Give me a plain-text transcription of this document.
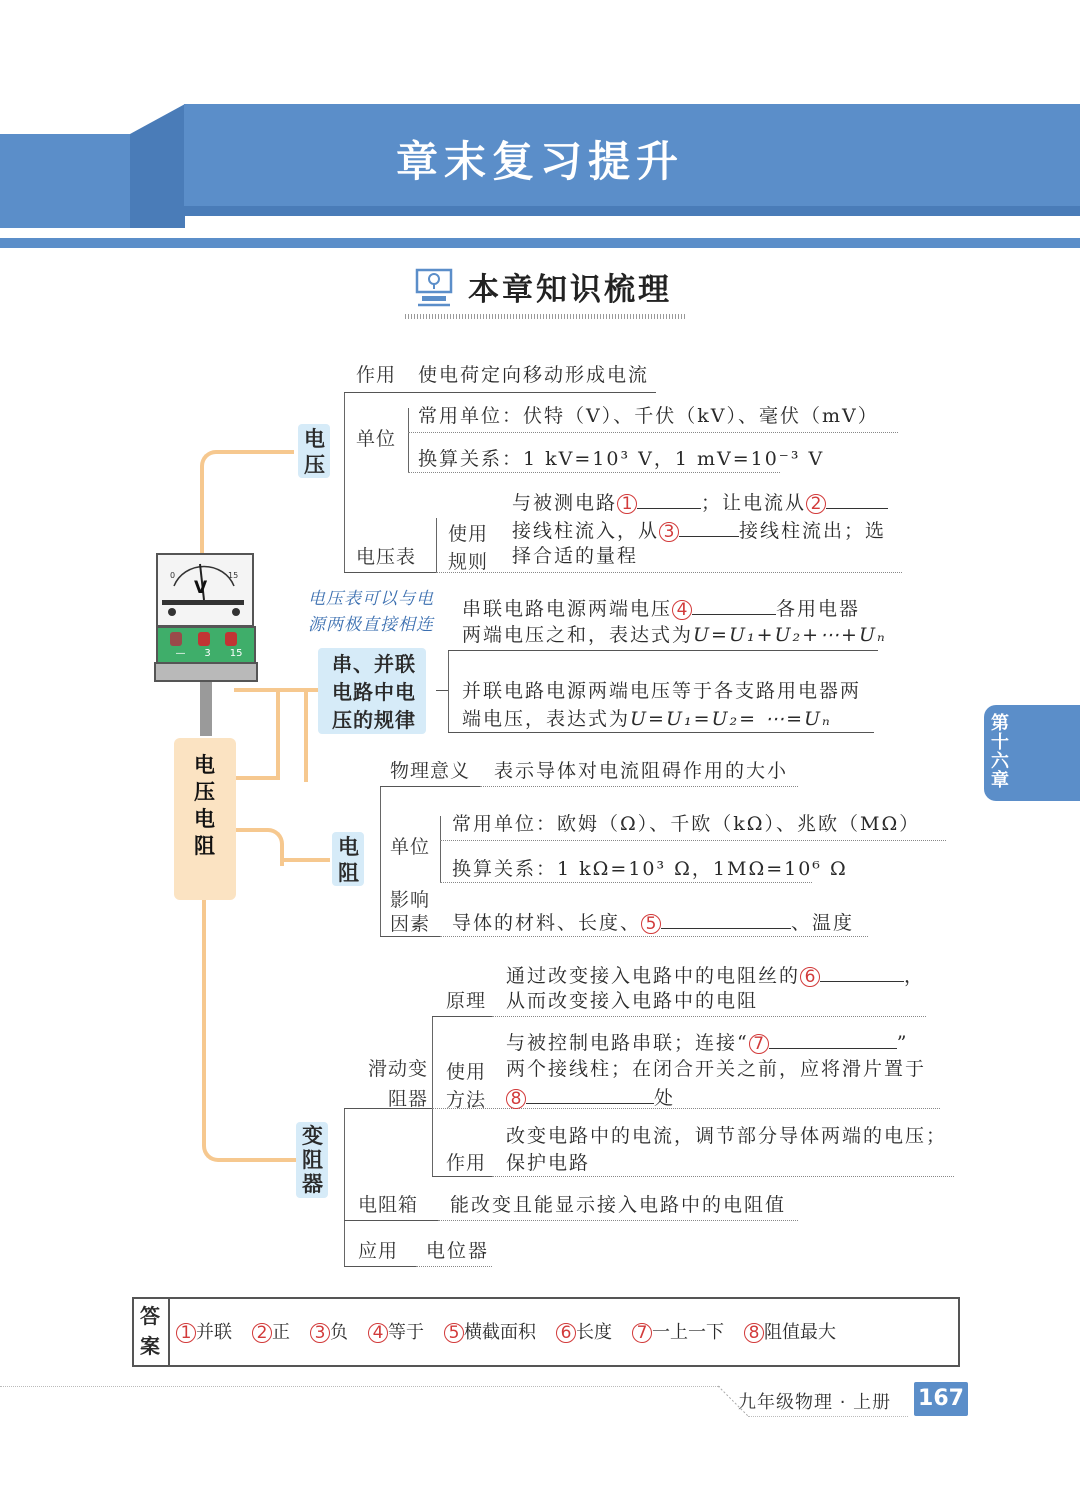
章末复习提升
本章知识梳理
第十六章
0	15
V
— 3 15
电压 电阻
电压
作用 使电荷定向移动形成电流
单位
常用单位：伏特（V）、千伏（kV）、毫伏（mV）
换算关系：1 kV=10³ V，1 mV=10⁻³ V
电压表
使用规则
与被测电路 1	；让电流从 2
接线柱流入，从 3	接线柱流出；选
择合适的量程
电压表可以与电源两极直接相连
串、并联电路中电压的规律
串联电路电源两端电压 4	各用电器
两端电压之和，表达式为U=U₁+U₂+⋯+Uₙ
并联电路电源两端电压等于各支路用电器两
端电压，表达式为U=U₁=U₂= ⋯=Uₙ
电阻
物理意义 表示导体对电流阻碍作用的大小
单位
常用单位：欧姆（Ω）、千欧（kΩ）、兆欧（MΩ）
换算关系：1 kΩ=10³ Ω，1MΩ=10⁶ Ω
影响因素 导体的材料、长度、 5	、温度
变阻器
滑动变阻器
原理
通过改变接入电路中的电阻丝的 6	，
从而改变接入电路中的电阻
使用方法
与被控制电路串联；连接“ 7	”
两个接线柱；在闭合开关之前，应将滑片置于
8	处
作用
改变电路中的电流，调节部分导体两端的电压；
保护电路
电阻箱 能改变且能显示接入电路中的电阻值
应用 电位器
答案
1 并联 2 正 3 负 4 等于 5 横截面积 6 长度 7 一上一下 8 阻值最大
九年级物理 · 上册 167
